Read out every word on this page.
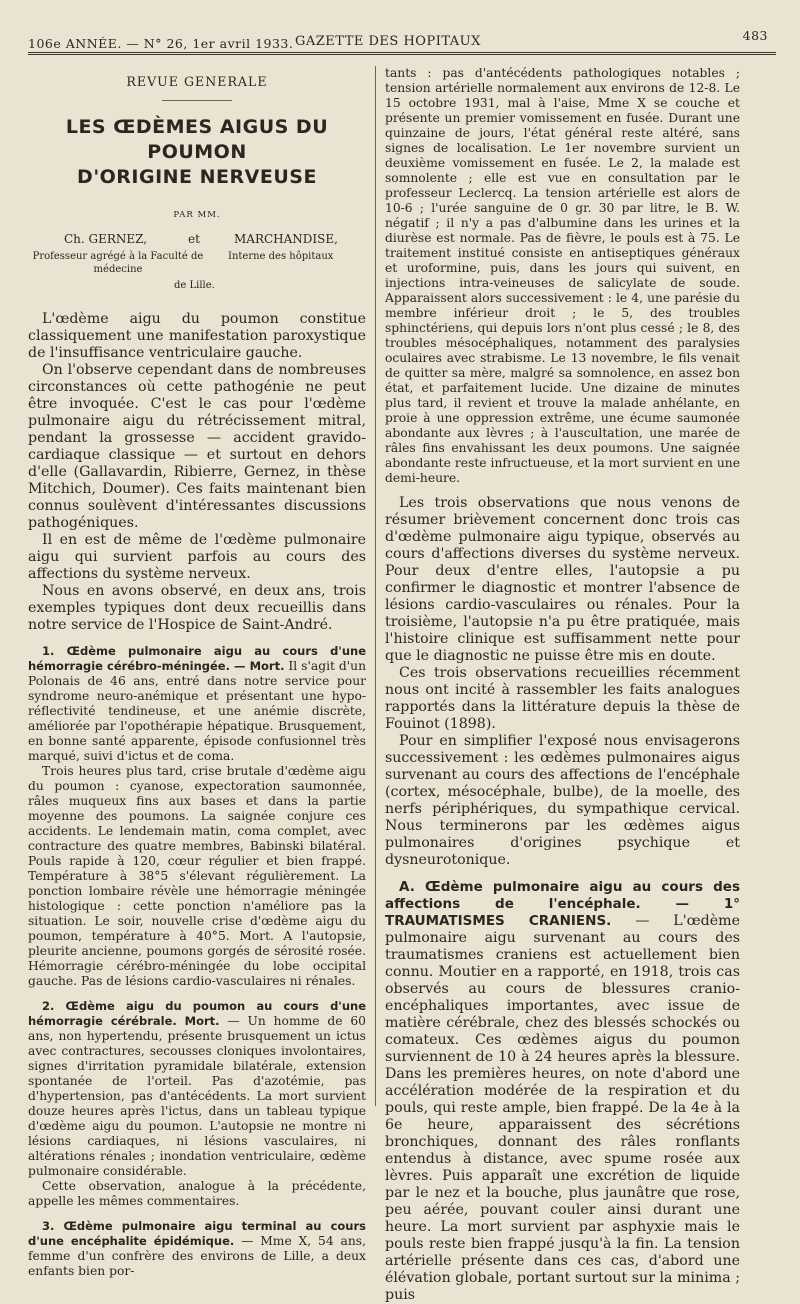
106e ANNÉE. — N° 26, 1er avril 1933. GAZETTE DES HOPITAUX	483
REVUE GENERALE
LES ŒDÈMES AIGUS DU POUMON
D'ORIGINE NERVEUSE
PAR MM.
Ch. GERNEZ,	et	MARCHANDISE,
Professeur agrégé à la Faculté de médecine
Interne des hôpitaux
de Lille.

L'œdème aigu du poumon constitue classiquement une manifestation paroxystique de l'insuffisance ventriculaire gauche.

On l'observe cependant dans de nombreuses circonstances où cette pathogénie ne peut être invoquée. C'est le cas pour l'œdème pulmonaire aigu du rétrécissement mitral, pendant la grossesse — accident gravido-cardiaque classique — et surtout en dehors d'elle (Gallavardin, Ribierre, Gernez, in thèse Mitchich, Doumer). Ces faits maintenant bien connus soulèvent d'intéressantes discussions pathogéniques.

Il en est de même de l'œdème pulmonaire aigu qui survient parfois au cours des affections du système nerveux.

Nous en avons observé, en deux ans, trois exemples typiques dont deux recueillis dans notre service de l'Hospice de Saint-André.

1. Œdème pulmonaire aigu au cours d'une hémorragie cérébro-méningée. — Mort. Il s'agit d'un Polonais de 46 ans, entré dans notre service pour syndrome neuro-anémique et présentant une hypo-réflectivité tendineuse, et une anémie discrète, améliorée par l'opothérapie hépatique. Brusquement, en bonne santé apparente, épisode confusionnel très marqué, suivi d'ictus et de coma.

Trois heures plus tard, crise brutale d'œdème aigu du poumon : cyanose, expectoration saumonnée, râles muqueux fins aux bases et dans la partie moyenne des poumons. La saignée conjure ces accidents. Le lendemain matin, coma complet, avec contracture des quatre membres, Babinski bilatéral. Pouls rapide à 120, cœur régulier et bien frappé. Température à 38°5 s'élevant régulièrement. La ponction lombaire révèle une hémorragie méningée histologique : cette ponction n'améliore pas la situation. Le soir, nouvelle crise d'œdème aigu du poumon, température à 40°5. Mort. A l'autopsie, pleurite ancienne, poumons gorgés de sérosité rosée. Hémorragie cérébro-méningée du lobe occipital gauche. Pas de lésions cardio-vasculaires ni rénales.

2. Œdème aigu du poumon au cours d'une hémorragie cérébrale. Mort. — Un homme de 60 ans, non hypertendu, présente brusquement un ictus avec contractures, secousses cloniques involontaires, signes d'irritation pyramidale bilatérale, extension spontanée de l'orteil. Pas d'azotémie, pas d'hypertension, pas d'antécédents. La mort survient douze heures après l'ictus, dans un tableau typique d'œdème aigu du poumon. L'autopsie ne montre ni lésions cardiaques, ni lésions vasculaires, ni altérations rénales ; inondation ventriculaire, œdème pulmonaire considérable.

Cette observation, analogue à la précédente, appelle les mêmes commentaires.

3. Œdème pulmonaire aigu terminal au cours d'une encéphalite épidémique. — Mme X, 54 ans, femme d'un confrère des environs de Lille, a deux enfants bien por-

tants : pas d'antécédents pathologiques notables ; tension artérielle normalement aux environs de 12-8. Le 15 octobre 1931, mal à l'aise, Mme X se couche et présente un premier vomissement en fusée. Durant une quinzaine de jours, l'état général reste altéré, sans signes de localisation. Le 1er novembre survient un deuxième vomissement en fusée. Le 2, la malade est somnolente ; elle est vue en consultation par le professeur Leclercq. La tension artérielle est alors de 10-6 ; l'urée sanguine de 0 gr. 30 par litre, le B. W. négatif ; il n'y a pas d'albumine dans les urines et la diurèse est normale. Pas de fièvre, le pouls est à 75. Le traitement institué consiste en antiseptiques généraux et uroformine, puis, dans les jours qui suivent, en injections intra-veineuses de salicylate de soude. Apparaissent alors successivement : le 4, une parésie du membre inférieur droit ; le 5, des troubles sphinctériens, qui depuis lors n'ont plus cessé ; le 8, des troubles mésocéphaliques, notamment des paralysies oculaires avec strabisme. Le 13 novembre, le fils venait de quitter sa mère, malgré sa somnolence, en assez bon état, et parfaitement lucide. Une dizaine de minutes plus tard, il revient et trouve la malade anhélante, en proie à une oppression extrême, une écume saumonée abondante aux lèvres ; à l'auscultation, une marée de râles fins envahissant les deux poumons. Une saignée abondante reste infructueuse, et la mort survient en une demi-heure.

Les trois observations que nous venons de résumer brièvement concernent donc trois cas d'œdème pulmonaire aigu typique, observés au cours d'affections diverses du système nerveux. Pour deux d'entre elles, l'autopsie a pu confirmer le diagnostic et montrer l'absence de lésions cardio-vasculaires ou rénales. Pour la troisième, l'autopsie n'a pu être pratiquée, mais l'histoire clinique est suffisamment nette pour que le diagnostic ne puisse être mis en doute.

Ces trois observations recueillies récemment nous ont incité à rassembler les faits analogues rapportés dans la littérature depuis la thèse de Fouinot (1898).

Pour en simplifier l'exposé nous envisagerons successivement : les œdèmes pulmonaires aigus survenant au cours des affections de l'encéphale (cortex, mésocéphale, bulbe), de la moelle, des nerfs périphériques, du sympathique cervical. Nous terminerons par les œdèmes aigus pulmonaires d'origines psychique et dysneurotonique.

A. Œdème pulmonaire aigu au cours des affections de l'encéphale. — 1° TRAUMATISMES CRANIENS. — L'œdème pulmonaire aigu survenant au cours des traumatismes craniens est actuellement bien connu. Moutier en a rapporté, en 1918, trois cas observés au cours de blessures cranio-encéphaliques importantes, avec issue de matière cérébrale, chez des blessés schockés ou comateux. Ces œdèmes aigus du poumon surviennent de 10 à 24 heures après la blessure. Dans les premières heures, on note d'abord une accélération modérée de la respiration et du pouls, qui reste ample, bien frappé. De la 4e à la 6e heure, apparaissent des sécrétions bronchiques, donnant des râles ronflants entendus à distance, avec spume rosée aux lèvres. Puis apparaît une excrétion de liquide par le nez et la bouche, plus jaunâtre que rose, peu aérée, pouvant couler ainsi durant une heure. La mort survient par asphyxie mais le pouls reste bien frappé jusqu'à la fin. La tension artérielle présente dans ces cas, d'abord une élévation globale, portant surtout sur la minima ; puis
